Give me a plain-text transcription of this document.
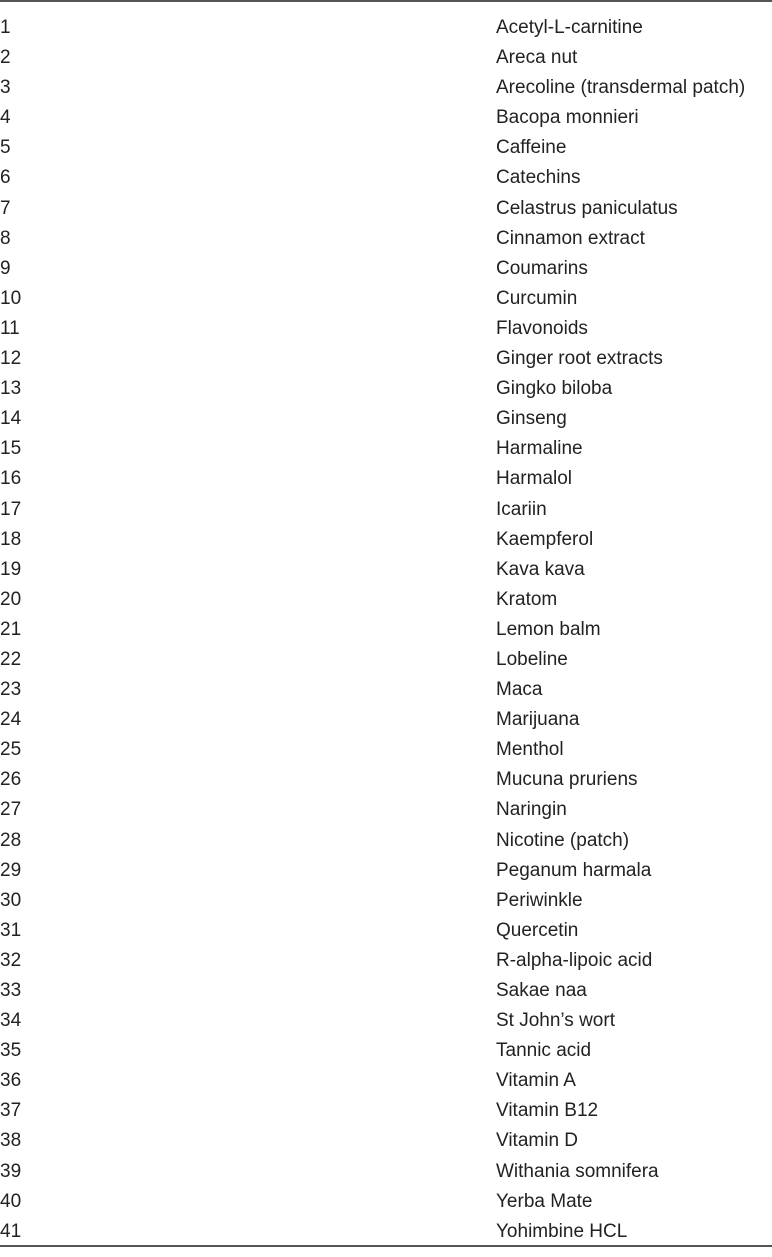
1	Acetyl-L-carnitine
2	Areca nut
3	Arecoline (transdermal patch)
4	Bacopa monnieri
5	Caffeine
6	Catechins
7	Celastrus paniculatus
8	Cinnamon extract
9	Coumarins
10	Curcumin
11	Flavonoids
12	Ginger root extracts
13	Gingko biloba
14	Ginseng
15	Harmaline
16	Harmalol
17	Icariin
18	Kaempferol
19	Kava kava
20	Kratom
21	Lemon balm
22	Lobeline
23	Maca
24	Marijuana
25	Menthol
26	Mucuna pruriens
27	Naringin
28	Nicotine (patch)
29	Peganum harmala
30	Periwinkle
31	Quercetin
32	R-alpha-lipoic acid
33	Sakae naa
34	St John’s wort
35	Tannic acid
36	Vitamin A
37	Vitamin B12
38	Vitamin D
39	Withania somnifera
40	Yerba Mate
41	Yohimbine HCL
